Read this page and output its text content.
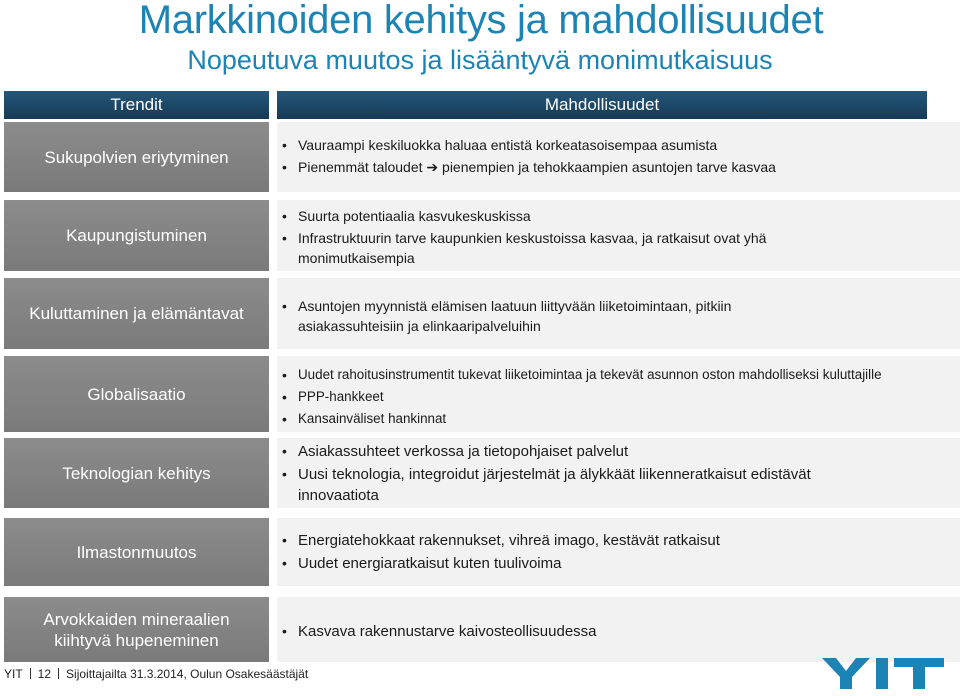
Markkinoiden kehitys ja mahdollisuudet
Nopeutuva muutos ja lisääntyvä monimutkaisuus
Trendit	Mahdollisuudet
Sukupolvien eriytyminen
• Vauraampi keskiluokka haluaa entistä korkeatasoisempaa asumista
• Pienemmät taloudet ➔ pienempien ja tehokkaampien asuntojen tarve kasvaa
Kaupungistuminen
• Suurta potentiaalia kasvukeskuskissa
• Infrastruktuurin tarve kaupunkien keskustoissa kasvaa, ja ratkaisut ovat yhä monimutkaisempia
Kuluttaminen ja elämäntavat	• Asuntojen myynnistä elämisen laatuun liittyvään liiketoimintaan, pitkiin asiakassuhteisiin ja elinkaaripalveluihin
Globalisaatio
• Uudet rahoitusinstrumentit tukevat liiketoimintaa ja tekevät asunnon oston mahdolliseksi kuluttajille
• PPP-hankkeet
• Kansainväliset hankinnat
Teknologian kehitys
• Asiakassuhteet verkossa ja tietopohjaiset palvelut
• Uusi teknologia, integroidut järjestelmät ja älykkäät liikenneratkaisut edistävät innovaatiota
Ilmastonmuutos
• Energiatehokkaat rakennukset, vihreä imago, kestävät ratkaisut
• Uudet energiaratkaisut kuten tuulivoima
Arvokkaiden mineraalien kiihtyvä hupeneminen	• Kasvava rakennustarve kaivosteollisuudessa
YIT 12 Sijoittajailta 31.3.2014, Oulun Osakesäästäjät
